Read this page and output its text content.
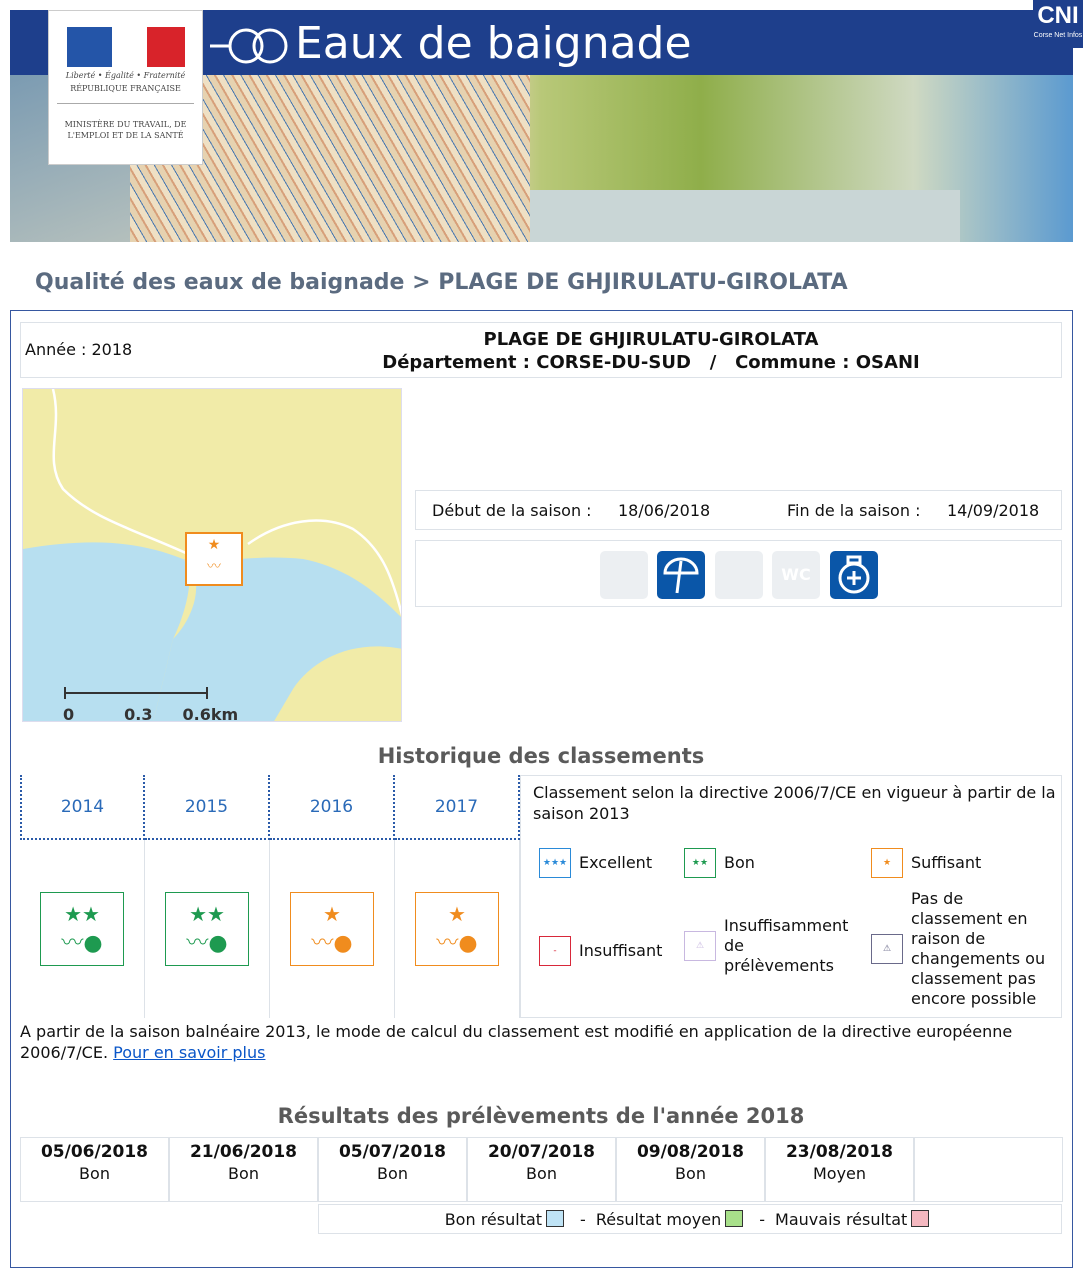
Eaux de baignade
Liberté • Égalité • Fraternité
RÉPUBLIQUE FRANÇAISE
MINISTÈRE DU TRAVAIL, DE L'EMPLOI ET DE LA SANTÉ
CNI
Corse Net Infos
Qualité des eaux de baignade > PLAGE DE GHJIRULATU-GIROLATA
Année : 2018	PLAGE DE GHJIRULATU-GIROLATA
Département : CORSE-DU-SUD   /   Commune : OSANI
★
〰
0	0.3 0.6km
Début de la saison : 18/06/2018	Fin de la saison : 14/09/2018
WC
Historique des classements
2014
★★
〰●
2015
★★
〰●
2016
★
〰●
2017
★
〰●
Classement selon la directive 2006/7/CE en vigueur à partir de la saison 2013
★★★ Excellent	★★ Bon	★	Suffisant
-	Insuffisant	⚠
Insuffisamment de prélèvements
⚠
Pas de classement en raison de changements ou classement pas encore possible
A partir de la saison balnéaire 2013, le mode de calcul du classement est modifié en application de la directive européenne 2006/7/CE. Pour en savoir plus
Résultats des prélèvements de l'année 2018
Bon résultat - Résultat moyen - Mauvais résultat
05/06/2018
Bon
21/06/2018
Bon
05/07/2018
Bon
20/07/2018
Bon
09/08/2018
Bon
23/08/2018
Moyen
